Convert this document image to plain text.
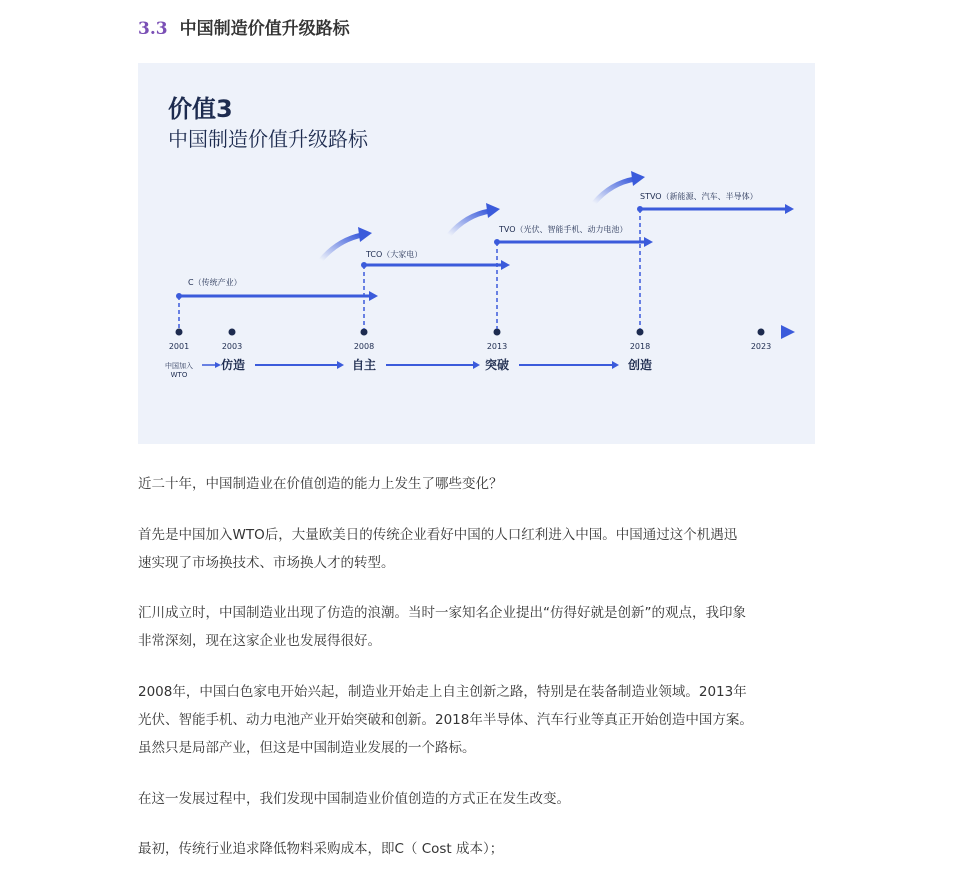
3.3 中国制造价值升级路标
价值3
中国制造价值升级路标
2001	2003	2008	2013	2018	2023
C（传统产业）
TCO（大家电）
TVO（光伏、智能手机、动力电池）
STVO（新能源、汽车、半导体）
中国加入
WTO
仿造	自主	突破	创造

近二十年，中国制造业在价值创造的能力上发生了哪些变化？

首先是中国加入WTO后，大量欧美日的传统企业看好中国的人口红利进入中国。中国通过这个机遇迅
速实现了市场换技术、市场换人才的转型。

汇川成立时，中国制造业出现了仿造的浪潮。当时一家知名企业提出“仿得好就是创新”的观点，我印象
非常深刻，现在这家企业也发展得很好。

2008年，中国白色家电开始兴起，制造业开始走上自主创新之路，特别是在装备制造业领域。2013年
光伏、智能手机、动力电池产业开始突破和创新。2018年半导体、汽车行业等真正开始创造中国方案。
虽然只是局部产业，但这是中国制造业发展的一个路标。

在这一发展过程中，我们发现中国制造业价值创造的方式正在发生改变。

最初，传统行业追求降低物料采购成本，即C（ Cost 成本）；
